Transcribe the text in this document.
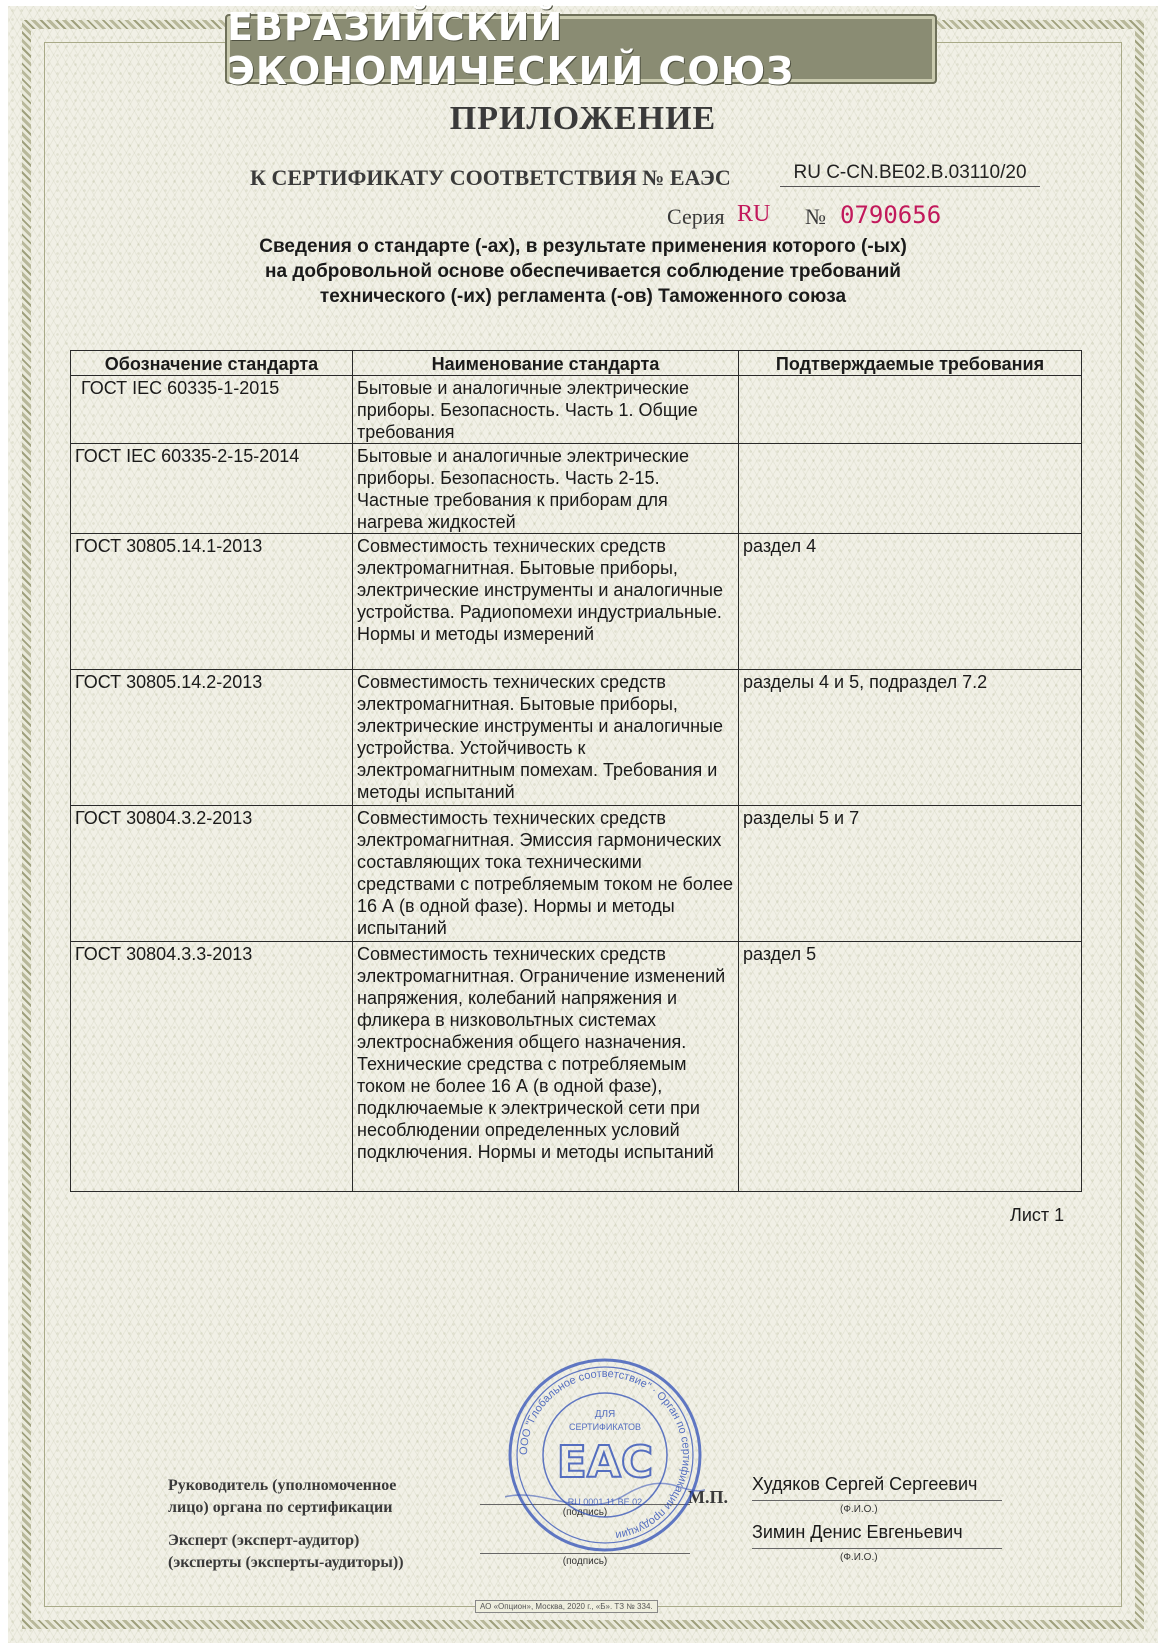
ЕВРАЗИЙСКИЙ ЭКОНОМИЧЕСКИЙ СОЮЗ
ПРИЛОЖЕНИЕ
К СЕРТИФИКАТУ СООТВЕТСТВИЯ № ЕАЭС	RU C-CN.BE02.B.03110/20
Серия RU № 0790656
Сведения о стандарте (-ах), в результате применения которого (-ых)
на добровольной основе обеспечивается соблюдение требований
технического (-их) регламента (-ов) Таможенного союза
Обозначение стандарта	Наименование стандарта	Подтверждаемые требования
ГОСТ IEC 60335-1-2015	Бытовые и аналогичные электрические приборы. Безопасность. Часть 1. Общие требования	
ГОСТ IEC 60335-2-15-2014	Бытовые и аналогичные электрические приборы. Безопасность. Часть 2-15. Частные требования к приборам для нагрева жидкостей	
ГОСТ 30805.14.1-2013	Совместимость технических средств электромагнитная. Бытовые приборы, электрические инструменты и аналогичные устройства. Радиопомехи индустриальные. Нормы и методы измерений	раздел 4
ГОСТ 30805.14.2-2013	Совместимость технических средств электромагнитная. Бытовые приборы, электрические инструменты и аналогичные устройства. Устойчивость к электромагнитным помехам. Требования и методы испытаний	разделы 4 и 5, подраздел 7.2
ГОСТ 30804.3.2-2013	Совместимость технических средств электромагнитная. Эмиссия гармонических составляющих тока техническими средствами с потребляемым током не более 16 А (в одной фазе). Нормы и методы испытаний	разделы 5 и 7
ГОСТ 30804.3.3-2013	Совместимость технических средств электромагнитная. Ограничение изменений напряжения, колебаний напряжения и фликера в низковольтных системах электроснабжения общего назначения. Технические средства с потребляемым током не более 16 А (в одной фазе), подключаемые к электрической сети при несоблюдении определенных условий подключения. Нормы и методы испытаний	раздел 5
Лист 1
Руководитель (уполномоченное
лицо) органа по сертификации
Эксперт (эксперт-аудитор)
(эксперты (эксперты-аудиторы))
(подпись)
(подпись)
М.П.
Худяков Сергей Сергеевич
(Ф.И.О.)
Зимин Денис Евгеньевич
(Ф.И.О.)
ООО "Глобальное соответствие" · Орган по сертификации продукции
ДЛЯ
СЕРТИФИКАТОВ
EAC
RU.0001.11.BE.02
АО «Опцион», Москва, 2020 г., «Б». ТЗ № 334.
